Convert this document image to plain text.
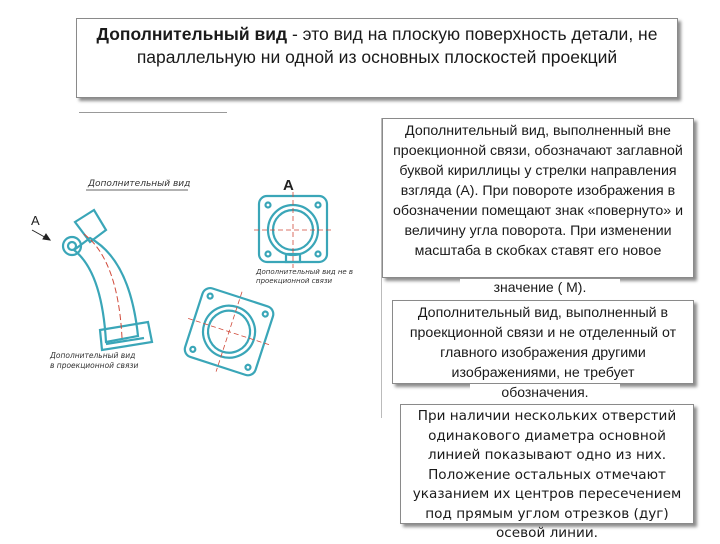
Дополнительный вид - это вид на плоскую поверхность детали, не параллельную ни одной из основных плоскостей проекций
Дополнительный вид, выполненный вне проекционной связи, обозначают заглавной буквой кириллицы у стрелки направления взгляда (А). При повороте изображения в обозначении помещают знак «повернуто» и величину угла поворота. При изменении масштаба в скобках ставят его новое
значение ( М).
Дополнительный вид, выполненный в проекционной связи и не отделенный от главного изображения другими изображениями, не требует
обозначения.
При наличии нескольких отверстий одинакового диаметра основной линией показывают одно из них. Положение остальных отмечают указанием их центров пересечением под прямым углом отрезков (дуг) осевой линии.
Дополнительный вид	А
А
Дополнительный вид в проекционной связи
Дополнительный вид не в проекционной связи
